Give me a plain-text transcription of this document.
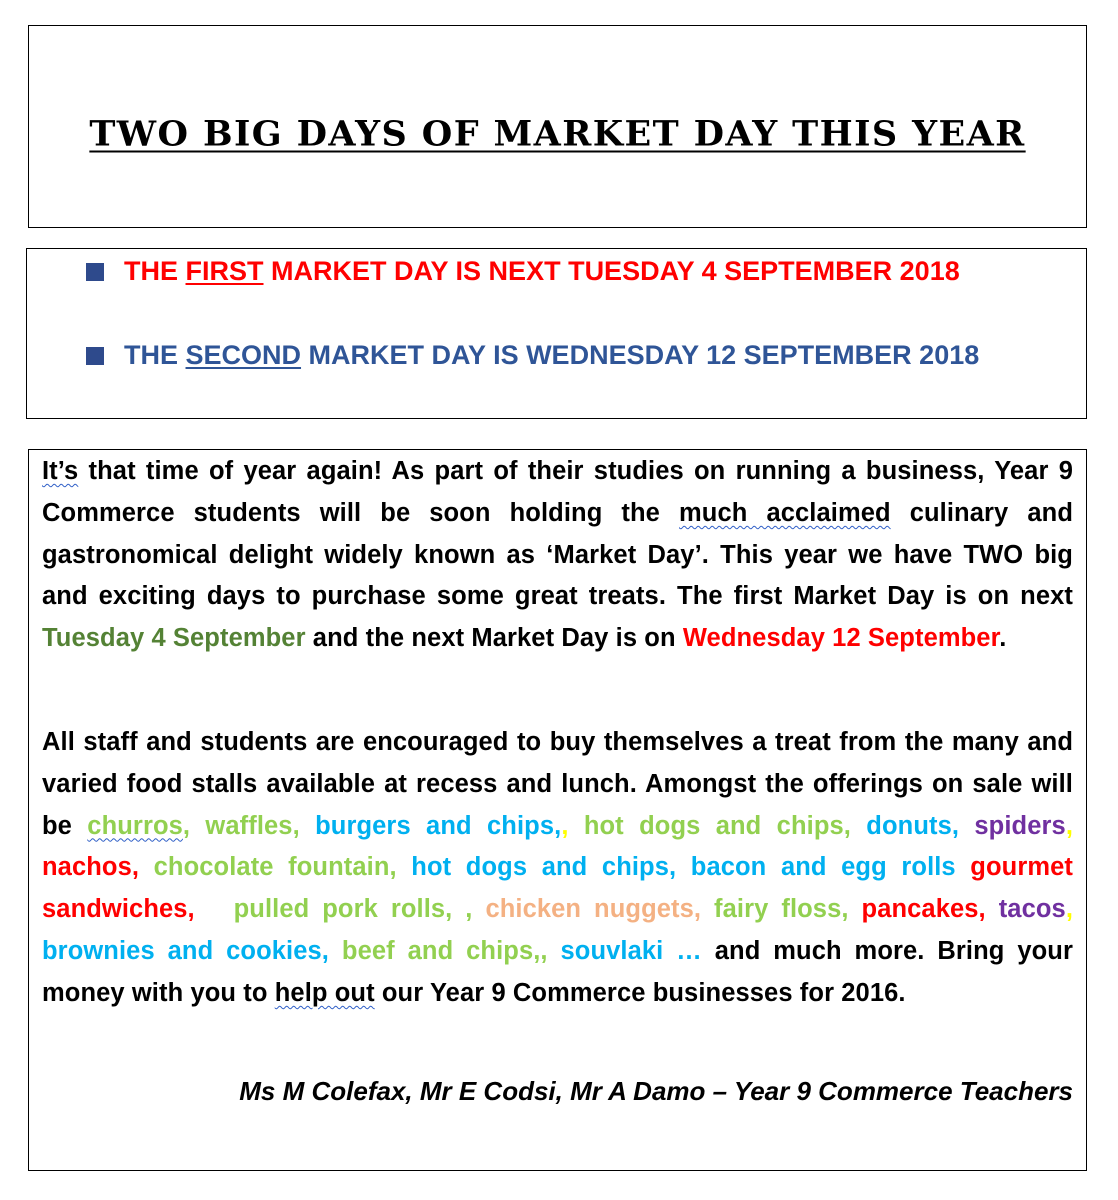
TWO BIG DAYS OF MARKET DAY THIS YEAR

THE FIRST MARKET DAY IS NEXT TUESDAY 4 SEPTEMBER 2018

THE SECOND MARKET DAY IS WEDNESDAY 12 SEPTEMBER 2018

It’s that time of year again! As part of their studies on running a business, Year 9 Commerce students will be soon holding the much acclaimed culinary and gastronomical delight widely known as ‘Market Day’. This year we have TWO big and exciting days to purchase some great treats. The first Market Day is on next Tuesday 4 September and the next Market Day is on Wednesday 12 September.

All staff and students are encouraged to buy themselves a treat from the many and varied food stalls available at recess and lunch. Amongst the offerings on sale will be churros, waffles, burgers and chips,, hot dogs and chips, donuts, spiders, nachos, chocolate fountain, hot dogs and chips, bacon and egg rolls gourmet sandwiches,   pulled pork rolls, , chicken nuggets, fairy floss, pancakes, tacos, brownies and cookies, beef and chips,, souvlaki … and much more. Bring your money with you to help out our Year 9 Commerce businesses for 2016.

Ms M Colefax, Mr E Codsi, Mr A Damo – Year 9 Commerce Teachers
